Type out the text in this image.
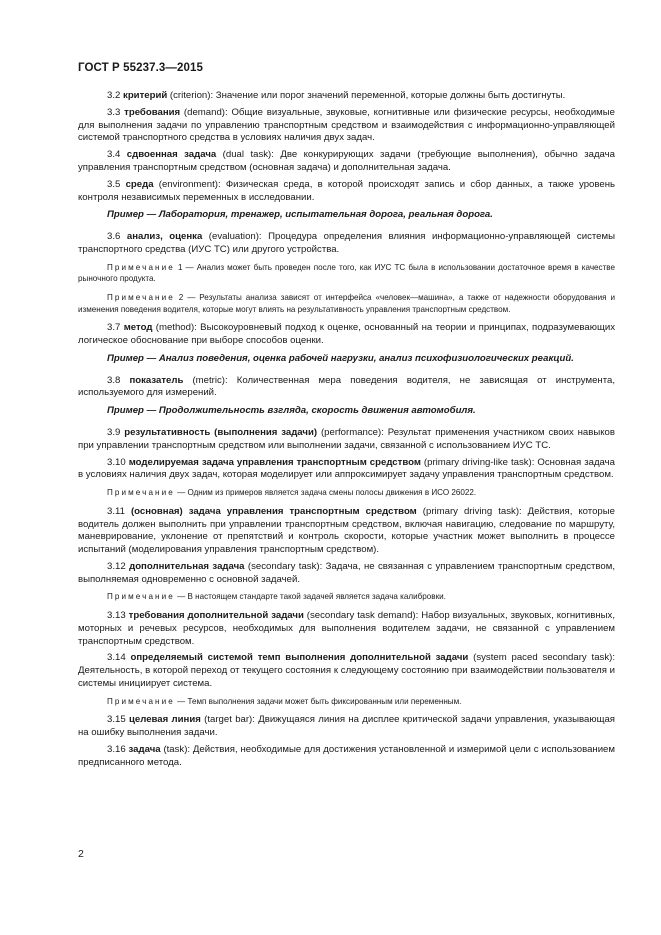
ГОСТ Р 55237.3—2015

3.2 критерий (criterion): Значение или порог значений переменной, которые должны быть достигнуты.

3.3 требования (demand): Общие визуальные, звуковые, когнитивные или физические ресурсы, необходимые для выполнения задачи по управлению транспортным средством и взаимодействия с информационно-управляющей системой транспортного средства в условиях наличия двух задач.

3.4 сдвоенная задача (dual task): Две конкурирующих задачи (требующие выполнения), обычно задача управления транспортным средством (основная задача) и дополнительная задача.

3.5 среда (environment): Физическая среда, в которой происходят запись и сбор данных, а также уровень контроля независимых переменных в исследовании.

Пример — Лаборатория, тренажер, испытательная дорога, реальная дорога.

3.6 анализ, оценка (evaluation): Процедура определения влияния информационно-управляющей системы транспортного средства (ИУС ТС) или другого устройства.

Примечание 1 — Анализ может быть проведен после того, как ИУС ТС была в использовании достаточное время в качестве рыночного продукта.

Примечание 2 — Результаты анализа зависят от интерфейса «человек—машина», а также от надежности оборудования и изменения поведения водителя, которые могут влиять на результативность управления транспортным средством.

3.7 метод (method): Высокоуровневый подход к оценке, основанный на теории и принципах, подразумевающих логическое обоснование при выборе способов оценки.

Пример — Анализ поведения, оценка рабочей нагрузки, анализ психофизиологических реакций.

3.8 показатель (metric): Количественная мера поведения водителя, не зависящая от инструмента, используемого для измерений.

Пример — Продолжительность взгляда, скорость движения автомобиля.

3.9 результативность (выполнения задачи) (performance): Результат применения участником своих навыков при управлении транспортным средством или выполнении задачи, связанной с использованием ИУС ТС.

3.10 моделируемая задача управления транспортным средством (primary driving-like task): Основная задача в условиях наличия двух задач, которая моделирует или аппроксимирует задачу управления транспортным средством.

Примечание — Одним из примеров является задача смены полосы движения в ИСО 26022.

3.11 (основная) задача управления транспортным средством (primary driving task): Действия, которые водитель должен выполнить при управлении транспортным средством, включая навигацию, следование по маршруту, маневрирование, уклонение от препятствий и контроль скорости, которые участник может выполнить в процессе испытаний (моделирования управления транспортным средством).

3.12 дополнительная задача (secondary task): Задача, не связанная с управлением транспортным средством, выполняемая одновременно с основной задачей.

Примечание — В настоящем стандарте такой задачей является задача калибровки.

3.13 требования дополнительной задачи (secondary task demand): Набор визуальных, звуковых, когнитивных, моторных и речевых ресурсов, необходимых для выполнения водителем задачи, не связанной с управлением транспортным средством.

3.14 определяемый системой темп выполнения дополнительной задачи (system paced secondary task): Деятельность, в которой переход от текущего состояния к следующему состоянию при взаимодействии пользователя и системы инициирует система.

Примечание — Темп выполнения задачи может быть фиксированным или переменным.

3.15 целевая линия (target bar): Движущаяся линия на дисплее критической задачи управления, указывающая на ошибку выполнения задачи.

3.16 задача (task): Действия, необходимые для достижения установленной и измеримой цели с использованием предписанного метода.

2
